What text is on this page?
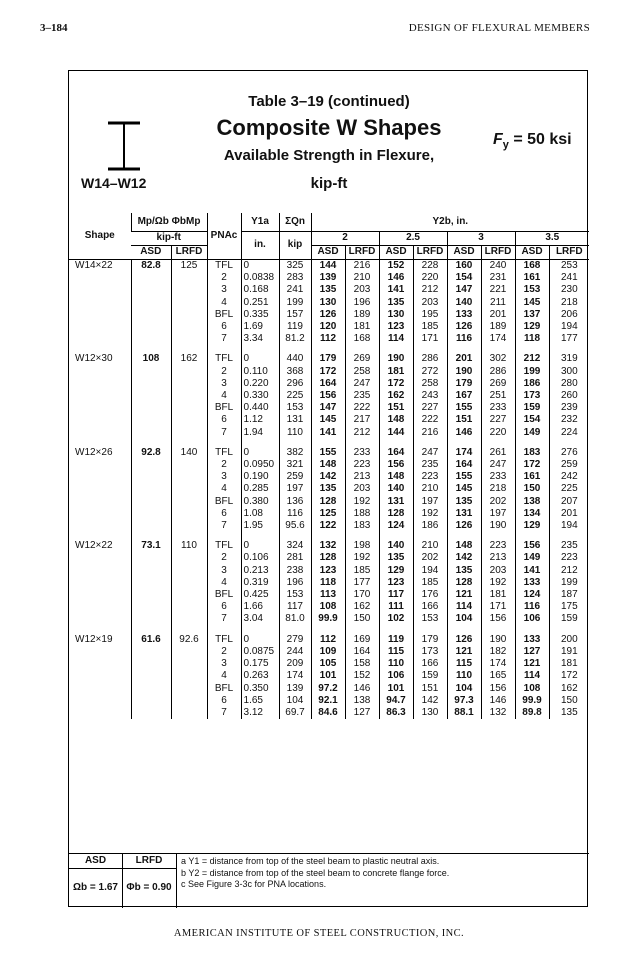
3–184	DESIGN OF FLEXURAL MEMBERS
W14–W12
Table 3–19 (continued)
Composite W Shapes
Available Strength in Flexure,
kip-ft
$F_y = 50$ ksi
Shape	Mp/Ωb ΦbMp		PNAc	Y1a	ΣQn	Y2b, in.							
	kip-ft			in.	kip	2		2.5		3		3.5	
	ASD	LRFD				ASD	LRFD	ASD	LRFD	ASD	LRFD	ASD	LRFD
W14×22	82.8	125	TFL	0	325	144	216	152	228	160	240	168	253
			2	0.0838	283	139	210	146	220	154	231	161	241
			3	0.168	241	135	203	141	212	147	221	153	230
			4	0.251	199	130	196	135	203	140	211	145	218
			BFL	0.335	157	126	189	130	195	133	201	137	206
			6	1.69	119	120	181	123	185	126	189	129	194
			7	3.34	81.2	112	168	114	171	116	174	118	177

W12×30	108	162	TFL	0	440	179	269	190	286	201	302	212	319
			2	0.110	368	172	258	181	272	190	286	199	300
			3	0.220	296	164	247	172	258	179	269	186	280
			4	0.330	225	156	235	162	243	167	251	173	260
			BFL	0.440	153	147	222	151	227	155	233	159	239
			6	1.12	131	145	217	148	222	151	227	154	232
			7	1.94	110	141	212	144	216	146	220	149	224

W12×26	92.8	140	TFL	0	382	155	233	164	247	174	261	183	276
			2	0.0950	321	148	223	156	235	164	247	172	259
			3	0.190	259	142	213	148	223	155	233	161	242
			4	0.285	197	135	203	140	210	145	218	150	225
			BFL	0.380	136	128	192	131	197	135	202	138	207
			6	1.08	116	125	188	128	192	131	197	134	201
			7	1.95	95.6	122	183	124	186	126	190	129	194

W12×22	73.1	110	TFL	0	324	132	198	140	210	148	223	156	235
			2	0.106	281	128	192	135	202	142	213	149	223
			3	0.213	238	123	185	129	194	135	203	141	212
			4	0.319	196	118	177	123	185	128	192	133	199
			BFL	0.425	153	113	170	117	176	121	181	124	187
			6	1.66	117	108	162	111	166	114	171	116	175
			7	3.04	81.0	99.9	150	102	153	104	156	106	159

W12×19	61.6	92.6	TFL	0	279	112	169	119	179	126	190	133	200
			2	0.0875	244	109	164	115	173	121	182	127	191
			3	0.175	209	105	158	110	166	115	174	121	181
			4	0.263	174	101	152	106	159	110	165	114	172
			BFL	0.350	139	97.2	146	101	151	104	156	108	162
			6	1.65	104	92.1	138	94.7	142	97.3	146	99.9	150
			7	3.12	69.7	84.6	127	86.3	130	88.1	132	89.8	135
ASD	LRFD
Ωb = 1.67 Φb = 0.90
a Y1 = distance from top of the steel beam to plastic neutral axis.
b Y2 = distance from top of the steel beam to concrete flange force.
c See Figure 3-3c for PNA locations.
AMERICAN INSTITUTE OF STEEL CONSTRUCTION, INC.
